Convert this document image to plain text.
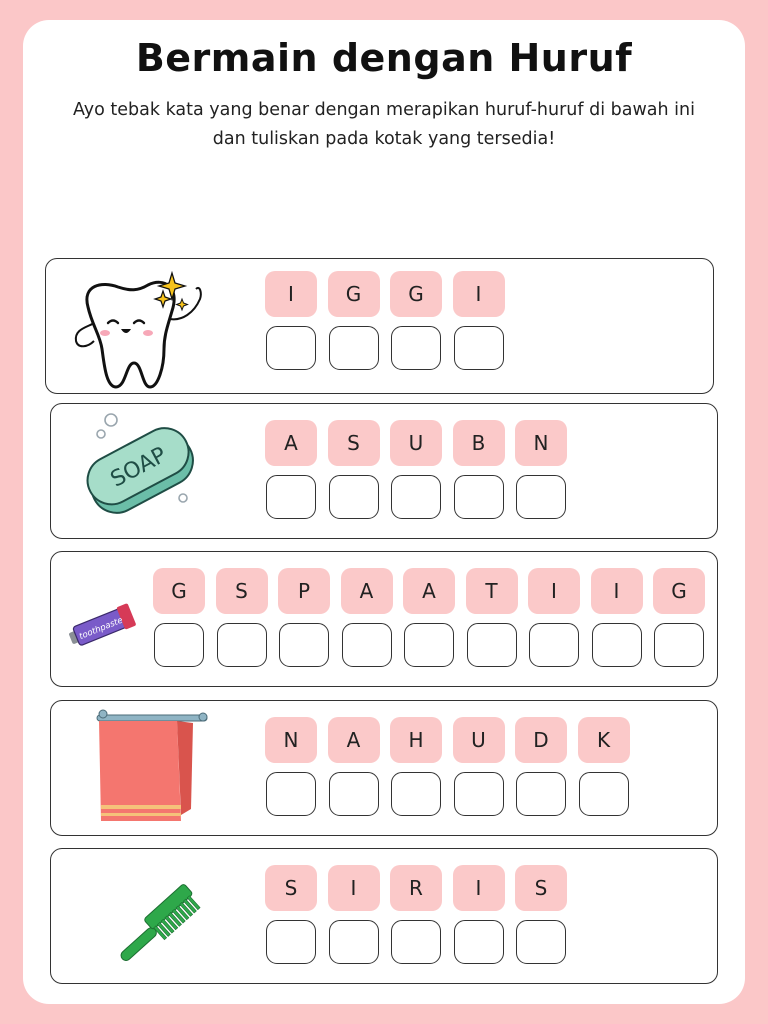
Bermain dengan Huruf
Ayo tebak kata yang benar dengan merapikan huruf-huruf di bawah ini dan tuliskan pada kotak yang tersedia!
I	G	G	I
SOAP	A	S	U	B	N
toothpaste
G	S	P	A	A	T	I	I	G
N	A	H	U	D	K
S	I	R	I	S
